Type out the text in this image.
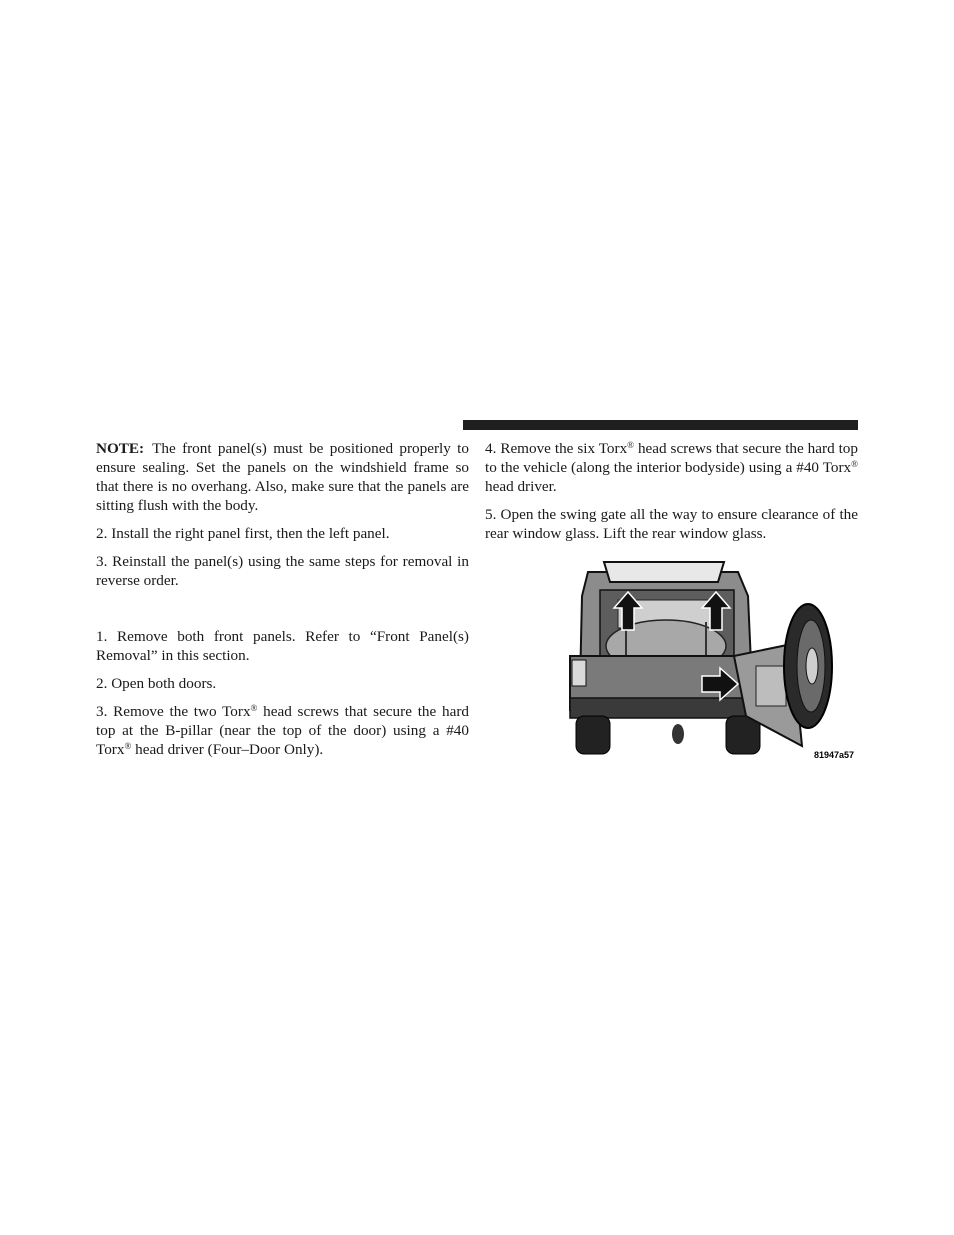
NOTE: The front panel(s) must be positioned properly to ensure sealing. Set the panels on the windshield frame so that there is no overhang. Also, make sure that the panels are sitting flush with the body.

2. Install the right panel first, then the left panel.

3. Reinstall the panel(s) using the same steps for removal in reverse order.

1. Remove both front panels. Refer to “Front Panel(s) Removal” in this section.

2. Open both doors.

3. Remove the two Torx® head screws that secure the hard top at the B-pillar (near the top of the door) using a #40 Torx® head driver (Four–Door Only).

4. Remove the six Torx® head screws that secure the hard top to the vehicle (along the interior bodyside) using a #40 Torx® head driver.

5. Open the swing gate all the way to ensure clearance of the rear window glass. Lift the rear window glass.

81947a57
